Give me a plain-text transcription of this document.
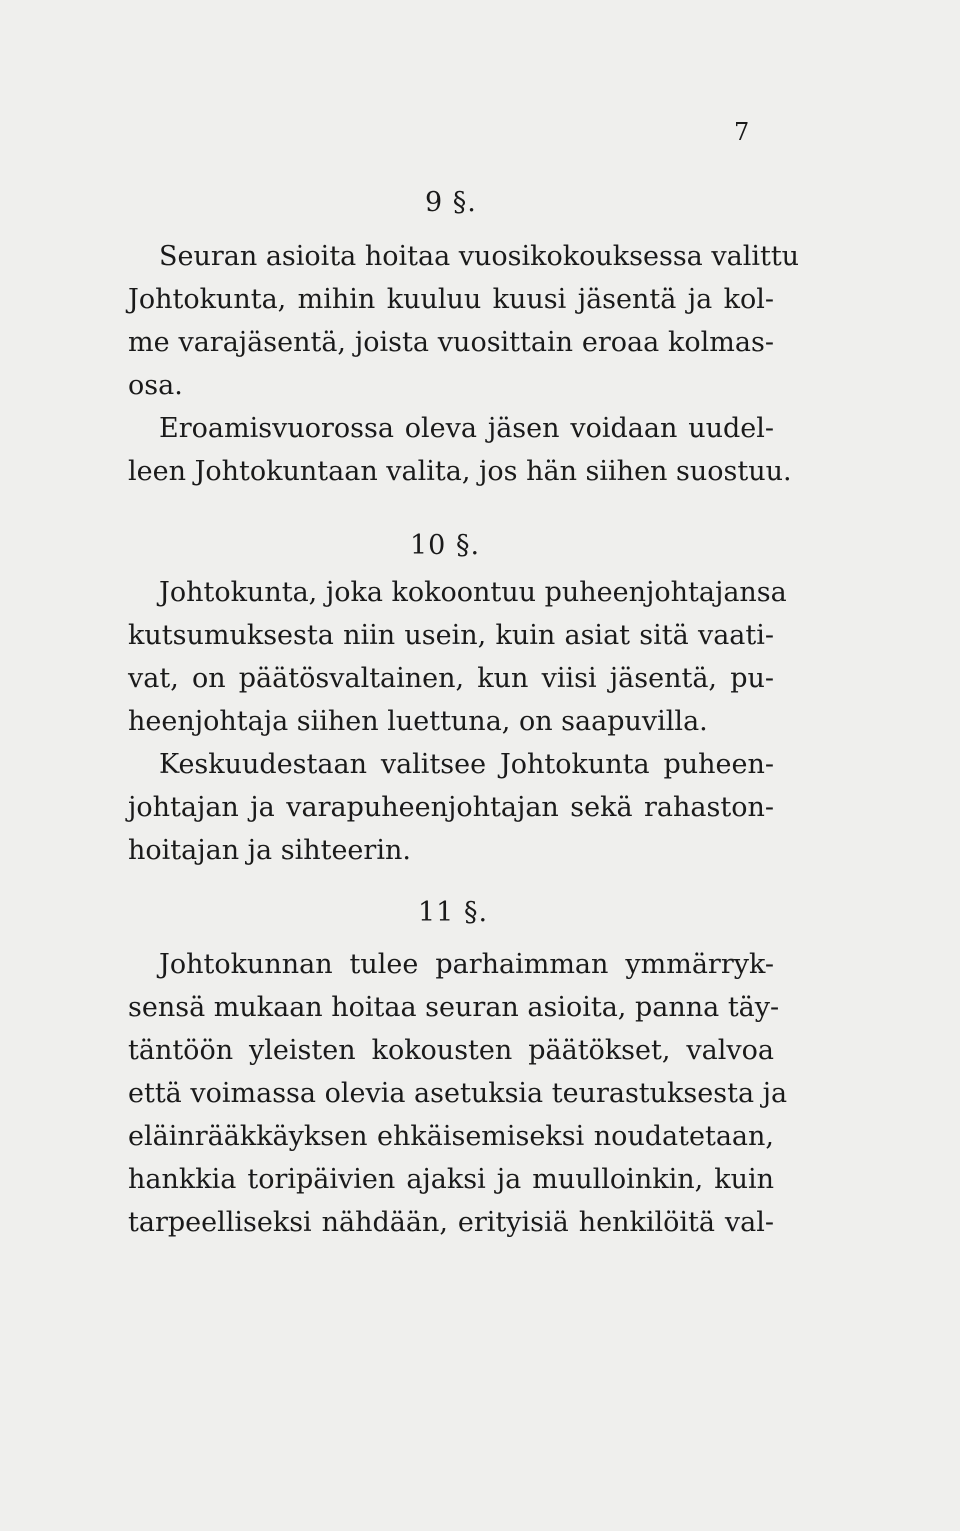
7
9 §.
Seuran asioita hoitaa vuosikokouksessa valittu
Johtokunta, mihin kuuluu kuusi jäsentä ja kol-
me varajäsentä, joista vuosittain eroaa kolmas-
osa.
Eroamisvuorossa oleva jäsen voidaan uudel-
leen Johtokuntaan valita, jos hän siihen suostuu.
10 §.
Johtokunta, joka kokoontuu puheenjohtajansa
kutsumuksesta niin usein, kuin asiat sitä vaati-
vat, on päätösvaltainen, kun viisi jäsentä, pu-
heenjohtaja siihen luettuna, on saapuvilla.
Keskuudestaan valitsee Johtokunta puheen-
johtajan ja varapuheenjohtajan sekä rahaston-
hoitajan ja sihteerin.
11 §.
Johtokunnan tulee parhaimman ymmärryk-
sensä mukaan hoitaa seuran asioita, panna täy-
täntöön yleisten kokousten päätökset, valvoa
että voimassa olevia asetuksia teurastuksesta ja
eläinrääkkäyksen ehkäisemiseksi noudatetaan,
hankkia toripäivien ajaksi ja muulloinkin, kuin
tarpeelliseksi nähdään, erityisiä henkilöitä val-
